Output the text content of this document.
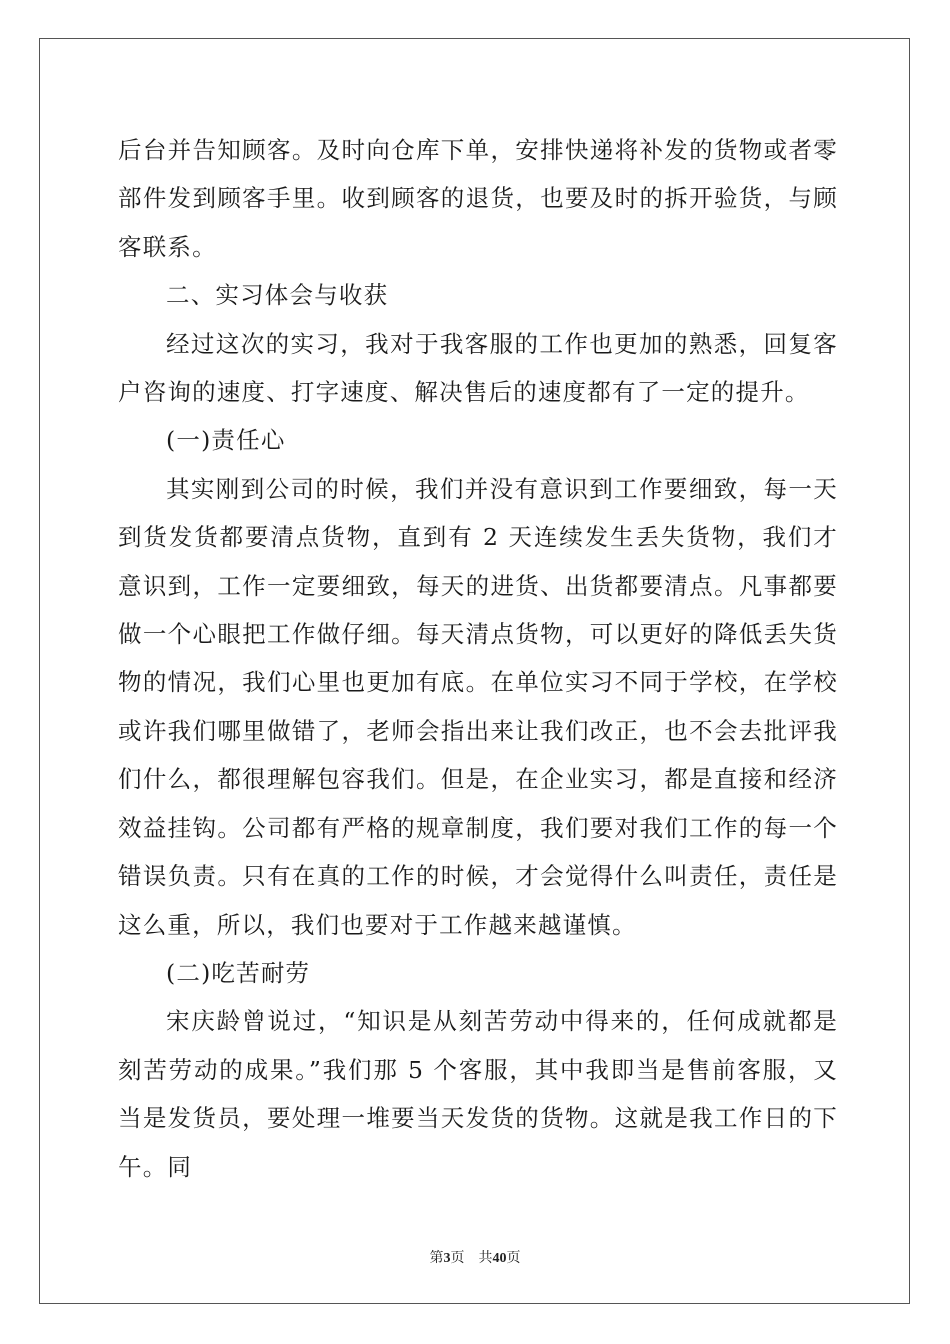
后台并告知顾客。及时向仓库下单，安排快递将补发的货物或者零部件发到顾客手里。收到顾客的退货，也要及时的拆开验货，与顾客联系。

二、实习体会与收获

经过这次的实习，我对于我客服的工作也更加的熟悉，回复客户咨询的速度、打字速度、解决售后的速度都有了一定的提升。

(一)责任心

其实刚到公司的时候，我们并没有意识到工作要细致，每一天到货发货都要清点货物，直到有 2 天连续发生丢失货物，我们才意识到，工作一定要细致，每天的进货、出货都要清点。凡事都要做一个心眼把工作做仔细。每天清点货物，可以更好的降低丢失货物的情况，我们心里也更加有底。在单位实习不同于学校，在学校或许我们哪里做错了，老师会指出来让我们改正，也不会去批评我们什么，都很理解包容我们。但是，在企业实习，都是直接和经济效益挂钩。公司都有严格的规章制度，我们要对我们工作的每一个错误负责。只有在真的工作的时候，才会觉得什么叫责任，责任是这么重，所以，我们也要对于工作越来越谨慎。

(二)吃苦耐劳

宋庆龄曾说过，“知识是从刻苦劳动中得来的，任何成就都是刻苦劳动的成果。”我们那 5 个客服，其中我即当是售前客服，又当是发货员，要处理一堆要当天发货的货物。这就是我工作日的下午。同

第3页 共40页
